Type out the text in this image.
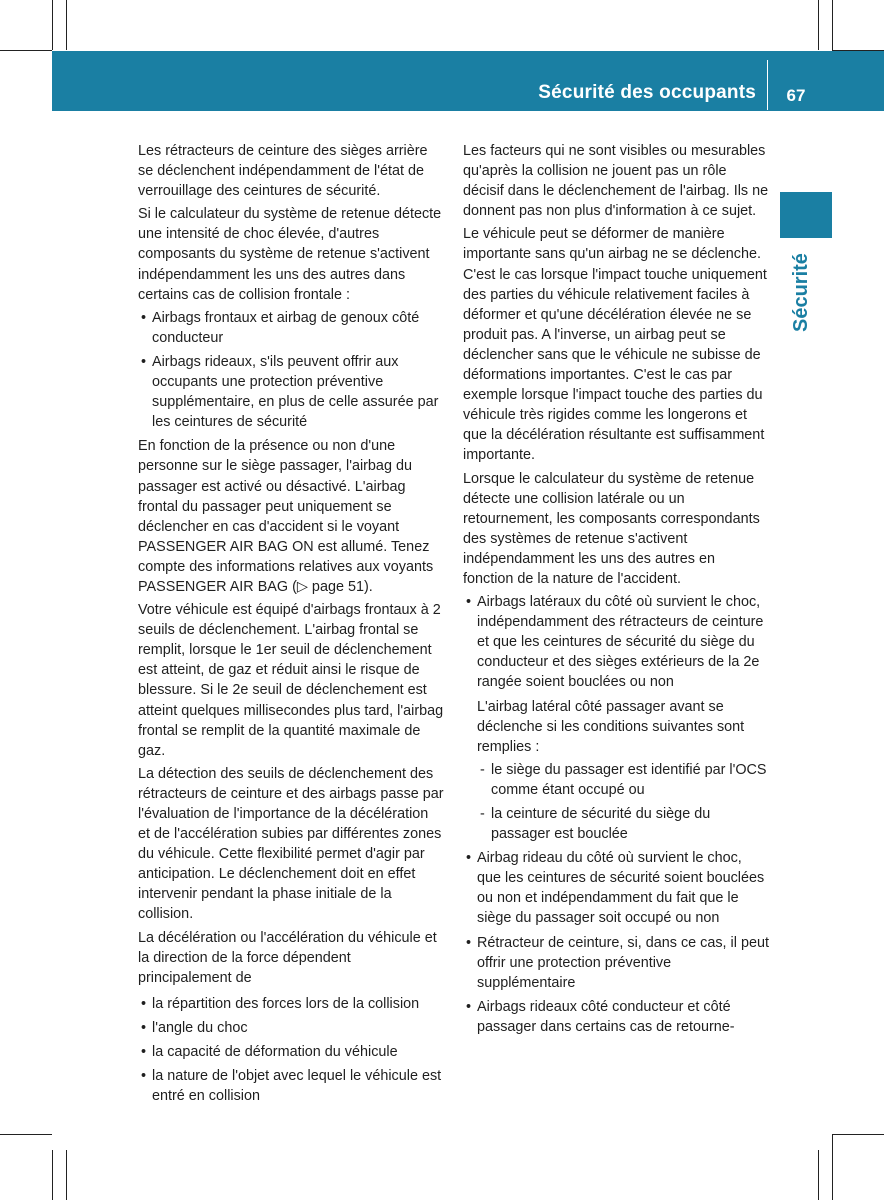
Sécurité des occupants	67
Sécurité

Les rétracteurs de ceinture des sièges arrière se déclenchent indépendamment de l'état de verrouillage des ceintures de sécurité.

Si le calculateur du système de retenue détecte une intensité de choc élevée, d'autres composants du système de retenue s'activent indépendamment les uns des autres dans certains cas de collision frontale :

• Airbags frontaux et airbag de genoux côté conducteur
• Airbags rideaux, s'ils peuvent offrir aux occupants une protection préventive supplémentaire, en plus de celle assurée par les ceintures de sécurité

En fonction de la présence ou non d'une personne sur le siège passager, l'airbag du passager est activé ou désactivé. L'airbag frontal du passager peut uniquement se déclencher en cas d'accident si le voyant PASSENGER AIR BAG ON est allumé. Tenez compte des informations relatives aux voyants PASSENGER AIR BAG (▷ page 51).

Votre véhicule est équipé d'airbags frontaux à 2 seuils de déclenchement. L'airbag frontal se remplit, lorsque le 1er seuil de déclenchement est atteint, de gaz et réduit ainsi le risque de blessure. Si le 2e seuil de déclenchement est atteint quelques millisecondes plus tard, l'airbag frontal se remplit de la quantité maximale de gaz.

La détection des seuils de déclenchement des rétracteurs de ceinture et des airbags passe par l'évaluation de l'importance de la décélération et de l'accélération subies par différentes zones du véhicule. Cette flexibilité permet d'agir par anticipation. Le déclenchement doit en effet intervenir pendant la phase initiale de la collision.

La décélération ou l'accélération du véhicule et la direction de la force dépendent principalement de

• la répartition des forces lors de la collision
• l'angle du choc
• la capacité de déformation du véhicule
• la nature de l'objet avec lequel le véhicule est entré en collision

Les facteurs qui ne sont visibles ou mesurables qu'après la collision ne jouent pas un rôle décisif dans le déclenchement de l'airbag. Ils ne donnent pas non plus d'information à ce sujet.

Le véhicule peut se déformer de manière importante sans qu'un airbag ne se déclenche. C'est le cas lorsque l'impact touche uniquement des parties du véhicule relativement faciles à déformer et qu'une décélération élevée ne se produit pas. A l'inverse, un airbag peut se déclencher sans que le véhicule ne subisse de déformations importantes. C'est le cas par exemple lorsque l'impact touche des parties du véhicule très rigides comme les longerons et que la décélération résultante est suffisamment importante.

Lorsque le calculateur du système de retenue détecte une collision latérale ou un retournement, les composants correspondants des systèmes de retenue s'activent indépendamment les uns des autres en fonction de la nature de l'accident.

• Airbags latéraux du côté où survient le choc, indépendamment des rétracteurs de ceinture et que les ceintures de sécurité du siège du conducteur et des sièges extérieurs de la 2e rangée soient bouclées ou non

L'airbag latéral côté passager avant se déclenche si les conditions suivantes sont remplies :

- le siège du passager est identifié par l'OCS comme étant occupé ou
- la ceinture de sécurité du siège du passager est bouclée
• Airbag rideau du côté où survient le choc, que les ceintures de sécurité soient bouclées ou non et indépendamment du fait que le siège du passager soit occupé ou non
• Rétracteur de ceinture, si, dans ce cas, il peut offrir une protection préventive supplémentaire
• Airbags rideaux côté conducteur et côté passager dans certains cas de retourne-
